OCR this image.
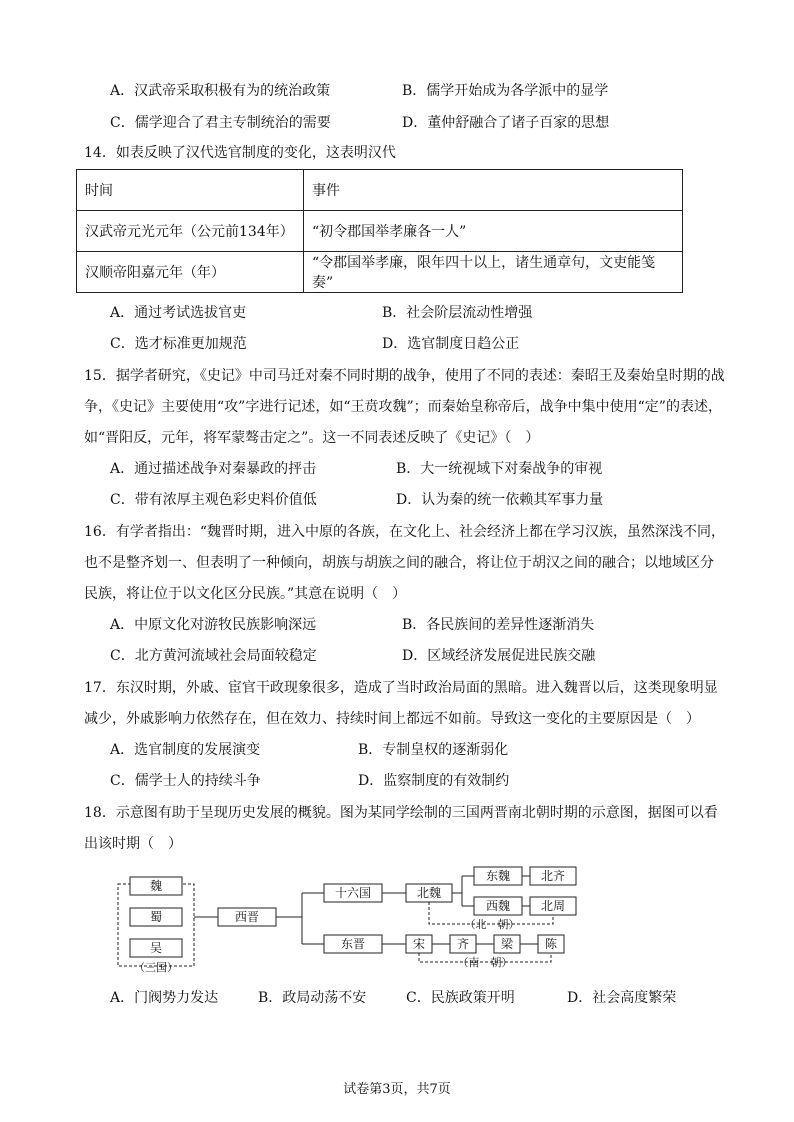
A．汉武帝采取积极有为的统治政策	B．儒学开始成为各学派中的显学
C．儒学迎合了君主专制统治的需要	D．董仲舒融合了诸子百家的思想
14．如表反映了汉代选官制度的变化，这表明汉代
时间	事件
汉武帝元光元年（公元前134年）	“初令郡国举孝廉各一人”
汉顺帝阳嘉元年（年）	“令郡国举孝廉，限年四十以上，诸生通章句，文吏能笺奏”
A．通过考试选拔官吏	B．社会阶层流动性增强
C．选才标准更加规范	D．选官制度日趋公正
15．据学者研究，《史记》中司马迁对秦不同时期的战争，使用了不同的表述：秦昭王及秦始皇时期的战
争，《史记》主要使用“攻”字进行记述，如“王贲攻魏”；而秦始皇称帝后，战争中集中使用“定”的表述，
如“晋阳反，元年，将军蒙骜击定之”。这一不同表述反映了《史记》（　）
A．通过描述战争对秦暴政的抨击	B．大一统视域下对秦战争的审视
C．带有浓厚主观色彩史料价值低	D．认为秦的统一依赖其军事力量
16．有学者指出：“魏晋时期，进入中原的各族，在文化上、社会经济上都在学习汉族，虽然深浅不同，
也不是整齐划一、但表明了一种倾向，胡族与胡族之间的融合，将让位于胡汉之间的融合；以地域区分
民族，将让位于以文化区分民族。”其意在说明（　）
A．中原文化对游牧民族影响深远	B．各民族间的差异性逐渐消失
C．北方黄河流域社会局面较稳定	D．区域经济发展促进民族交融
17．东汉时期，外戚、宦官干政现象很多，造成了当时政治局面的黑暗。进入魏晋以后，这类现象明显
减少，外戚影响力依然存在，但在效力、持续时间上都远不如前。导致这一变化的主要原因是（　）
A．选官制度的发展演变	B．专制皇权的逐渐弱化
C．儒学士人的持续斗争	D．监察制度的有效制约
18．示意图有助于呈现历史发展的概貌。图为某同学绘制的三国两晋南北朝时期的示意图，据图可以看
出该时期（　）
魏
蜀
吴
（三国）
西晋
十六国
东晋
北魏
东魏	北齐
西魏	北周
（北　朝）
宋	齐	梁	陈
（南　朝）
A．门阀势力发达	B．政局动荡不安	C．民族政策开明	D．社会高度繁荣
试卷第3页，共7页
